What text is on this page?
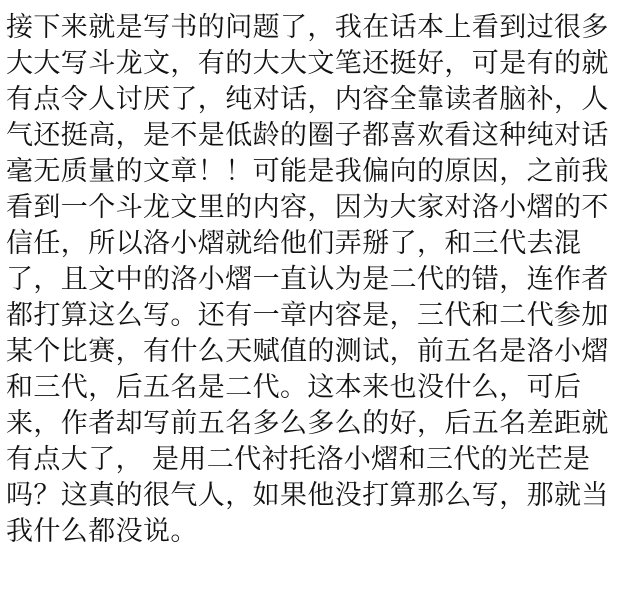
接下来就是写书的问题了，我在话本上看到过很多
大大写斗龙文，有的大大文笔还挺好，可是有的就
有点令人讨厌了，纯对话，内容全靠读者脑补，人
气还挺高，是不是低龄的圈子都喜欢看这种纯对话
毫无质量的文章！！可能是我偏向的原因，之前我
看到一个斗龙文里的内容，因为大家对洛小熠的不
信任，所以洛小熠就给他们弄掰了，和三代去混
了，且文中的洛小熠一直认为是二代的错，连作者
都打算这么写。还有一章内容是，三代和二代参加
某个比赛，有什么天赋值的测试，前五名是洛小熠
和三代，后五名是二代。这本来也没什么，可后
来，作者却写前五名多么多么的好，后五名差距就
有点大了， 是用二代衬托洛小熠和三代的光芒是
吗？这真的很气人，如果他没打算那么写，那就当
我什么都没说。
